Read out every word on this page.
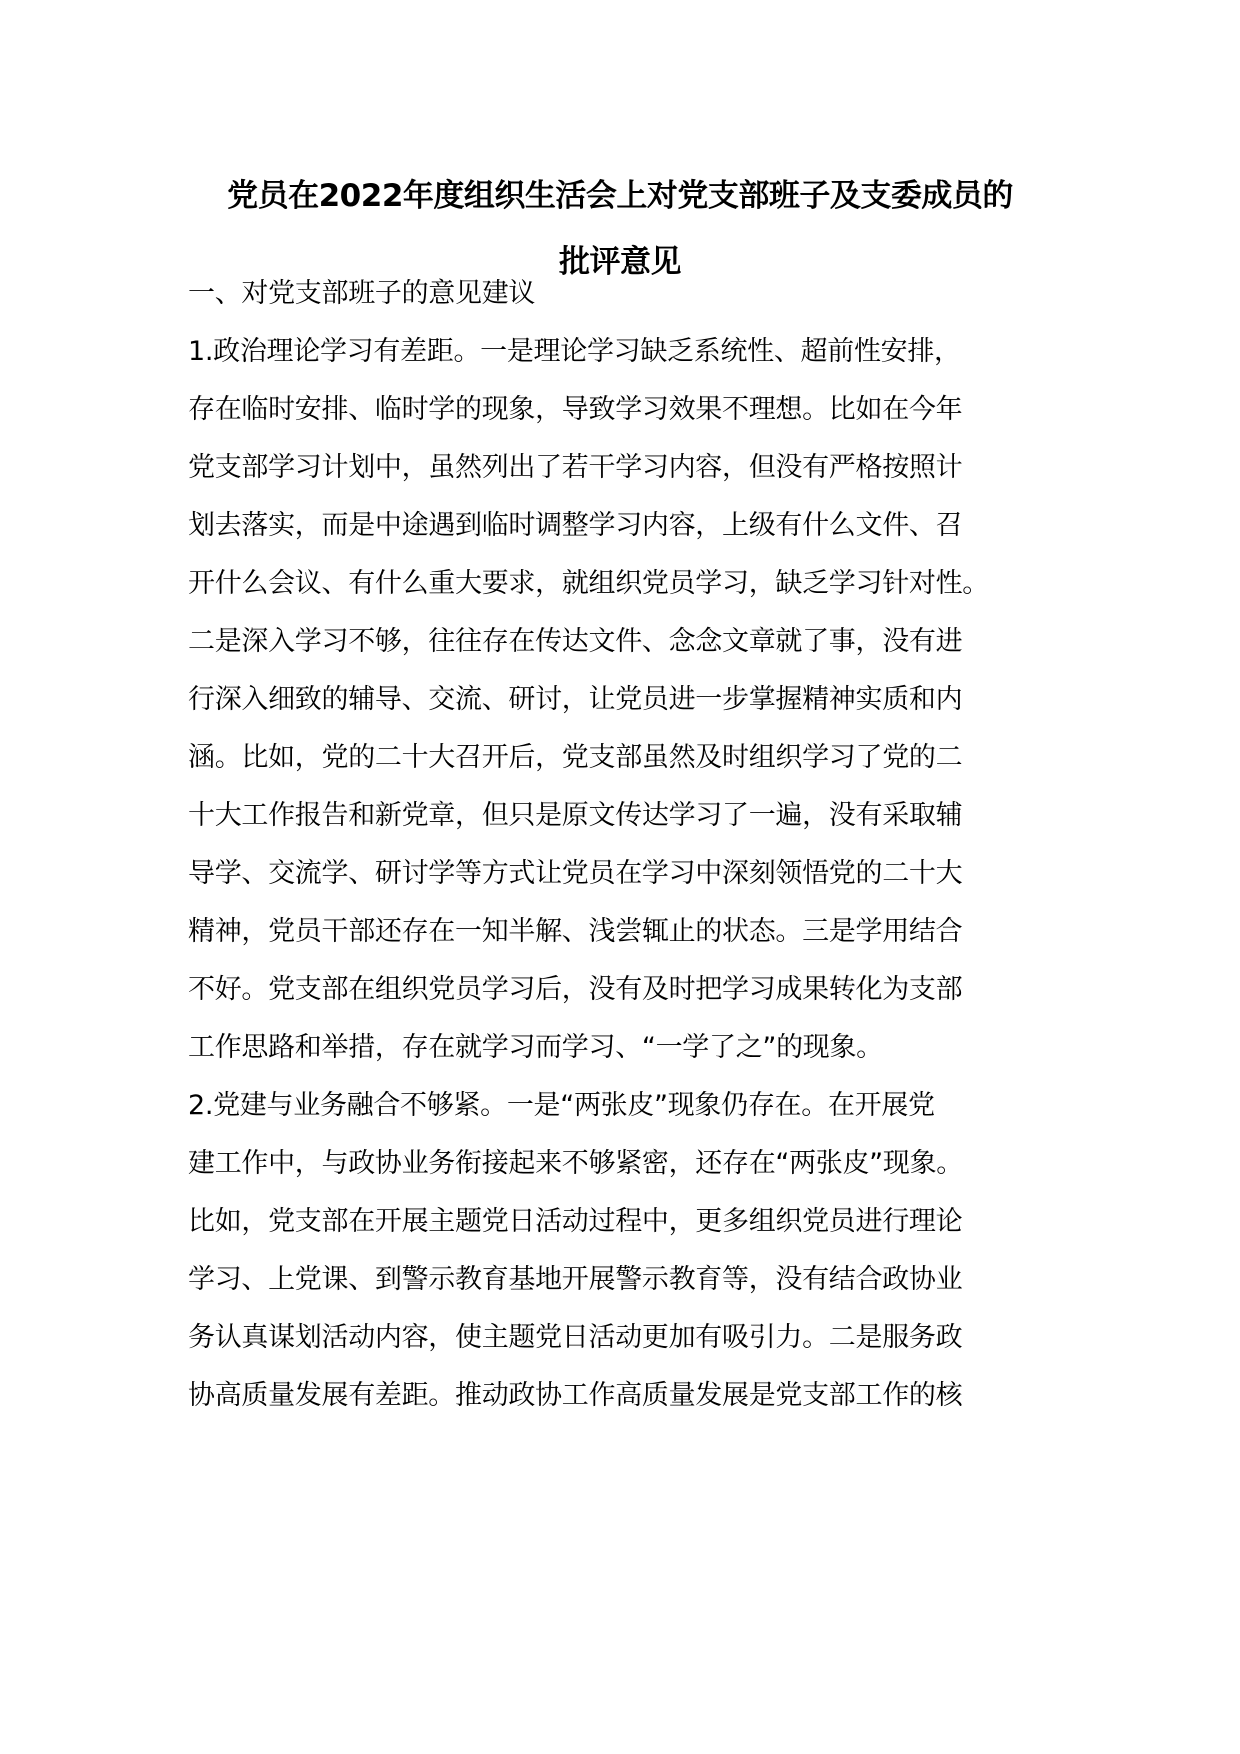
党员在2022年度组织生活会上对党支部班子及支委成员的
批评意见
一、对党支部班子的意见建议
1.政治理论学习有差距。一是理论学习缺乏系统性、超前性安排，
存在临时安排、临时学的现象，导致学习效果不理想。比如在今年
党支部学习计划中，虽然列出了若干学习内容，但没有严格按照计
划去落实，而是中途遇到临时调整学习内容，上级有什么文件、召
开什么会议、有什么重大要求，就组织党员学习，缺乏学习针对性。
二是深入学习不够，往往存在传达文件、念念文章就了事，没有进
行深入细致的辅导、交流、研讨，让党员进一步掌握精神实质和内
涵。比如，党的二十大召开后，党支部虽然及时组织学习了党的二
十大工作报告和新党章，但只是原文传达学习了一遍，没有采取辅
导学、交流学、研讨学等方式让党员在学习中深刻领悟党的二十大
精神，党员干部还存在一知半解、浅尝辄止的状态。三是学用结合
不好。党支部在组织党员学习后，没有及时把学习成果转化为支部
工作思路和举措，存在就学习而学习、“一学了之”的现象。
2.党建与业务融合不够紧。一是“两张皮”现象仍存在。在开展党
建工作中，与政协业务衔接起来不够紧密，还存在“两张皮”现象。
比如，党支部在开展主题党日活动过程中，更多组织党员进行理论
学习、上党课、到警示教育基地开展警示教育等，没有结合政协业
务认真谋划活动内容，使主题党日活动更加有吸引力。二是服务政
协高质量发展有差距。推动政协工作高质量发展是党支部工作的核
